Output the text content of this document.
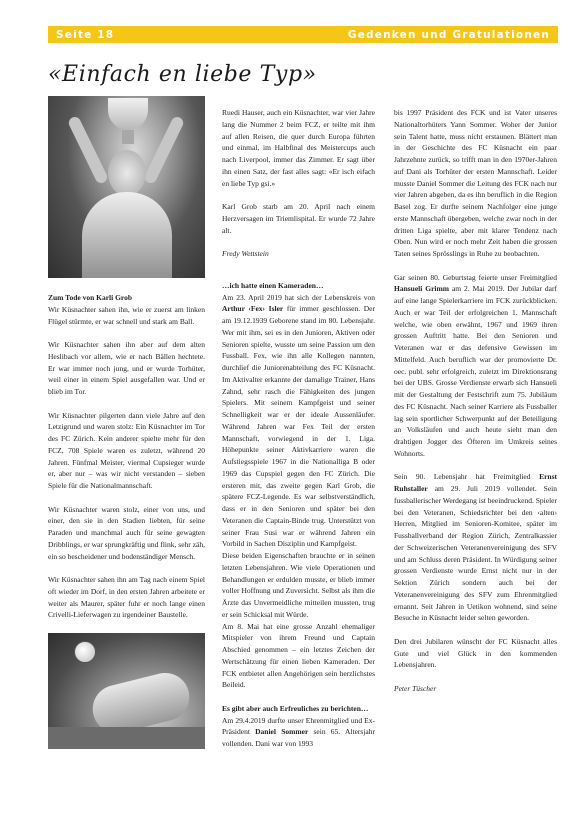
Seite 18	Gedenken und Gratulationen
«Einfach en liebe Typ»

Zum Tode von Karli Grob

Wir Küsnachter sahen ihn, wie er zuerst am linken Flügel stürmte, er war schnell und stark am Ball.

Wir Küsnachter sahen ihn aber auf dem alten Heslibach vor allem, wie er nach Bällen hechtete. Er war immer noch jung, und er wurde Torhüter, weil einer in einem Spiel ausgefallen war. Und er blieb im Tor.

Wir Küsnachter pilgerten dann viele Jahre auf den Letzigrund und waren stolz: Ein Küsnachter im Tor des FC Zürich. Kein anderer spielte mehr für den FCZ, 708 Spiele waren es zuletzt, während 20 Jahren. Fünfmal Meister, viermal Cupsieger wurde er, aber nur – was wir nicht verstanden – sieben Spiele für die Nationalmannschaft.

Wir Küsnachter waren stolz, einer von uns, und einer, den sie in den Stadien liebten, für seine Paraden und manchmal auch für seine gewagten Dribblings, er war sprungkräftig und flink, sehr zäh, ein so bescheidener und bodenständiger Mensch.

Wir Küsnachter sahen ihn am Tag nach einem Spiel oft wieder im Dorf, in den ersten Jahren arbeitete er weiter als Maurer, später fuhr er noch lange einen Crivelli-Lieferwagen zu irgendeiner Baustelle.

Ruedi Hauser, auch ein Küsnachter, war vier Jahre lang die Nummer 2 beim FCZ, er teilte mit ihm auf allen Reisen, die quer durch Europa führten und einmal, im Halbfinal des Meistercups auch nach Liverpool, immer das Zimmer. Er sagt über ihn einen Satz, der fast alles sagt: «Er isch eifach en liebe Typ gsi.»

Karl Grob starb am 20. April nach einem Herzversagen im Triemlispital. Er wurde 72 Jahre alt.

Fredy Wettstein

…ich hatte einen Kameraden…

Am 23. April 2019 hat sich der Lebenskreis von Arthur ‹Fex› Isler für immer geschlossen. Der am 19.12.1939 Geborene stand im 80. Lebensjahr. Wer mit ihm, sei es in den Junioren, Aktiven oder Senioren spielte, wusste um seine Passion um den Fussball. Fex, wie ihn alle Kollegen nannten, durchlief die Juniorenabteilung des FC Küsnacht. Im Aktivalter erkannte der damalige Trainer, Hans Zahnd, sehr rasch die Fähigkeiten des jungen Spielers. Mit seinem Kampfgeist und seiner Schnelligkeit war er der ideale Aussenläufer. Während Jahren war Fex Teil der ersten Mannschaft, vorwiegend in der 1. Liga. Höhepunkte seiner Aktivkarriere waren die Aufstiegsspiele 1967 in die Nationalliga B oder 1969 das Cupspiel gegen den FC Zürich. Die ersteren mit, das zweite gegen Karl Grob, die spätere FCZ-Legende. Es war selbstverständlich, dass er in den Senioren und später bei den Veteranen die Captain-Binde trug. Unterstützt von seiner Frau Susi war er während Jahren ein Vorbild in Sachen Disziplin und Kampfgeist.

Diese beiden Eigenschaften brauchte er in seinen letzten Lebensjahren. Wie viele Operationen und Behandlungen er erdulden musste, er blieb immer voller Hoffnung und Zuversicht. Selbst als ihm die Ärzte das Unvermeidliche mitteilen mussten, trug er sein Schicksal mit Würde.

Am 8. Mai hat eine grosse Anzahl ehemaliger Mitspieler von ihrem Freund und Captain Abschied genommen – ein letztes Zeichen der Wertschätzung für einen lieben Kameraden. Der FCK entbietet allen Angehörigen sein herzlichstes Beileid.

Es gibt aber auch Erfreuliches zu berichten…

Am 29.4.2019 durfte unser Ehrenmitglied und Ex-Präsident Daniel Sommer sein 65. Altersjahr vollenden. Dani war von 1993

bis 1997 Präsident des FCK und ist Vater unseres Nationaltorhüters Yann Sommer. Woher der Junior sein Talent hatte, muss nicht erstaunen. Blättert man in der Geschichte des FC Küsnacht ein paar Jahrzehnte zurück, so trifft man in den 1970er-Jahren auf Dani als Torhüter der ersten Mannschaft. Leider musste Daniel Sommer die Leitung des FCK nach nur vier Jahren abgeben, da es ihn beruflich in die Region Basel zog. Er durfte seinem Nachfolger eine junge erste Mannschaft übergeben, welche zwar noch in der dritten Liga spielte, aber mit klarer Tendenz nach Oben. Nun wird er noch mehr Zeit haben die grossen Taten seines Sprösslings in Ruhe zu beobachten.

Gar seinen 80. Geburtstag feierte unser Freimitglied Hansueli Grimm am 2. Mai 2019. Der Jubilar darf auf eine lange Spielerkarriere im FCK zurückblicken. Auch er war Teil der erfolgreichen 1. Mannschaft welche, wie oben erwähnt, 1967 und 1969 ihren grossen Auftritt hatte. Bei den Senioren und Veteranen war er das defensive Gewissen im Mittelfeld. Auch beruflich war der promovierte Dr. oec. publ. sehr erfolgreich, zuletzt im Direktionsrang bei der UBS. Grosse Verdienste erwarb sich Hansueli mit der Gestaltung der Festschrift zum 75. Jubiläum des FC Küsnacht. Nach seiner Karriere als Fussballer lag sein sportlicher Schwerpunkt auf der Beteiligung an Volksläufen und auch heute sieht man den drahtigen Jogger des Öfteren im Umkreis seines Wohnorts.

Sein 90. Lebensjahr hat Freimitglied Ernst Ruhstaller am 29. Juli 2019 vollendet. Sein fussballerischer Werdegang ist beeindruckend. Spieler bei den Veteranen, Schiedsrichter bei den ‹alten› Herren, Mitglied im Senioren-Komitee, später im Fussballverband der Region Zürich, Zentralkassier der Schweizerischen Veteranenvereinigung des SFV und am Schluss deren Präsident. In Würdigung seiner grossen Verdienste wurde Ernst nicht nur in der Sektion Zürich sondern auch bei der Veteranenvereinigung des SFV zum Ehrenmitglied ernannt. Seit Jahren in Uetikon wohnend, sind seine Besuche in Küsnacht leider selten geworden.

Den drei Jubilaren wünscht der FC Küsnacht alles Gute und viel Glück in den kommenden Lebensjahren.

Peter Tüscher
